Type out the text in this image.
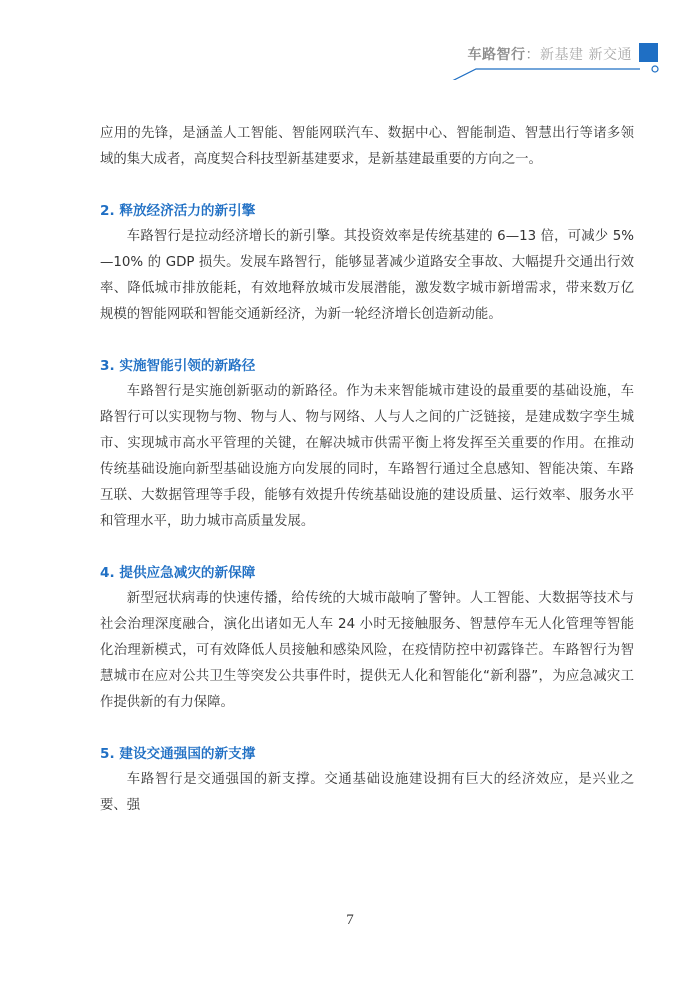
车路智行：新基建 新交通

应用的先锋，是涵盖人工智能、智能网联汽车、数据中心、智能制造、智慧出行等诸多领域的集大成者，高度契合科技型新基建要求，是新基建最重要的方向之一。

2. 释放经济活力的新引擎

车路智行是拉动经济增长的新引擎。其投资效率是传统基建的 6—13 倍，可减少 5%—10% 的 GDP 损失。发展车路智行，能够显著减少道路安全事故、大幅提升交通出行效率、降低城市排放能耗，有效地释放城市发展潜能，激发数字城市新增需求，带来数万亿规模的智能网联和智能交通新经济，为新一轮经济增长创造新动能。

3. 实施智能引领的新路径

车路智行是实施创新驱动的新路径。作为未来智能城市建设的最重要的基础设施，车路智行可以实现物与物、物与人、物与网络、人与人之间的广泛链接，是建成数字孪生城市、实现城市高水平管理的关键，在解决城市供需平衡上将发挥至关重要的作用。在推动传统基础设施向新型基础设施方向发展的同时，车路智行通过全息感知、智能决策、车路互联、大数据管理等手段，能够有效提升传统基础设施的建设质量、运行效率、服务水平和管理水平，助力城市高质量发展。

4. 提供应急减灾的新保障

新型冠状病毒的快速传播，给传统的大城市敲响了警钟。人工智能、大数据等技术与社会治理深度融合，演化出诸如无人车 24 小时无接触服务、智慧停车无人化管理等智能化治理新模式，可有效降低人员接触和感染风险，在疫情防控中初露锋芒。车路智行为智慧城市在应对公共卫生等突发公共事件时，提供无人化和智能化“新利器”，为应急减灾工作提供新的有力保障。

5. 建设交通强国的新支撑

车路智行是交通强国的新支撑。交通基础设施建设拥有巨大的经济效应，是兴业之要、强

7
